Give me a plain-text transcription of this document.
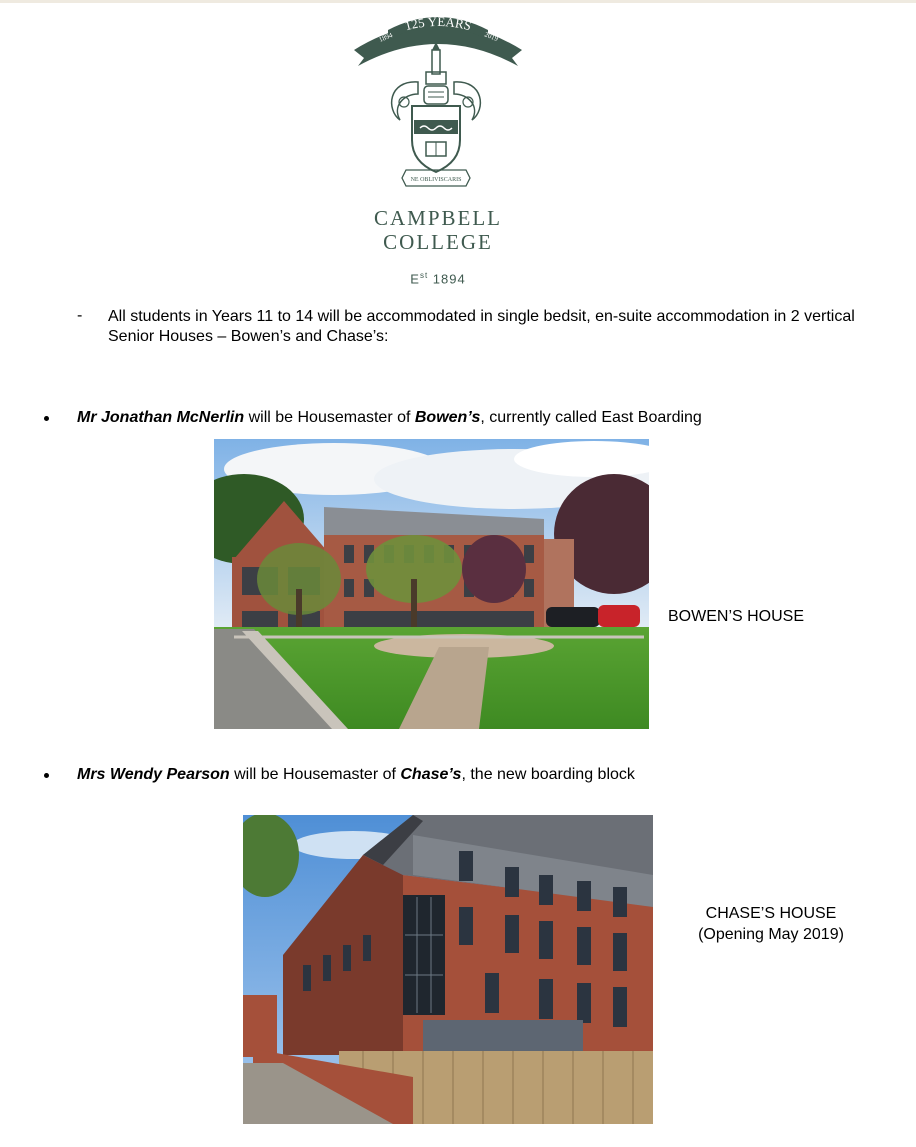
125 YEARS
1894	2019
NE OBLIVISCARIS
CAMPBELL
COLLEGE
$E^{st}$ 1894
- All students in Years 11 to 14 will be accommodated in single bedsit, en-suite accommodation in 2 vertical Senior Houses – Bowen’s and Chase’s:
Mr Jonathan McNerlin will be Housemaster of Bowen’s, currently called East Boarding
BOWEN’S HOUSE
Mrs Wendy Pearson will be Housemaster of Chase’s, the new boarding block
CHASE’S HOUSE
(Opening May 2019)
